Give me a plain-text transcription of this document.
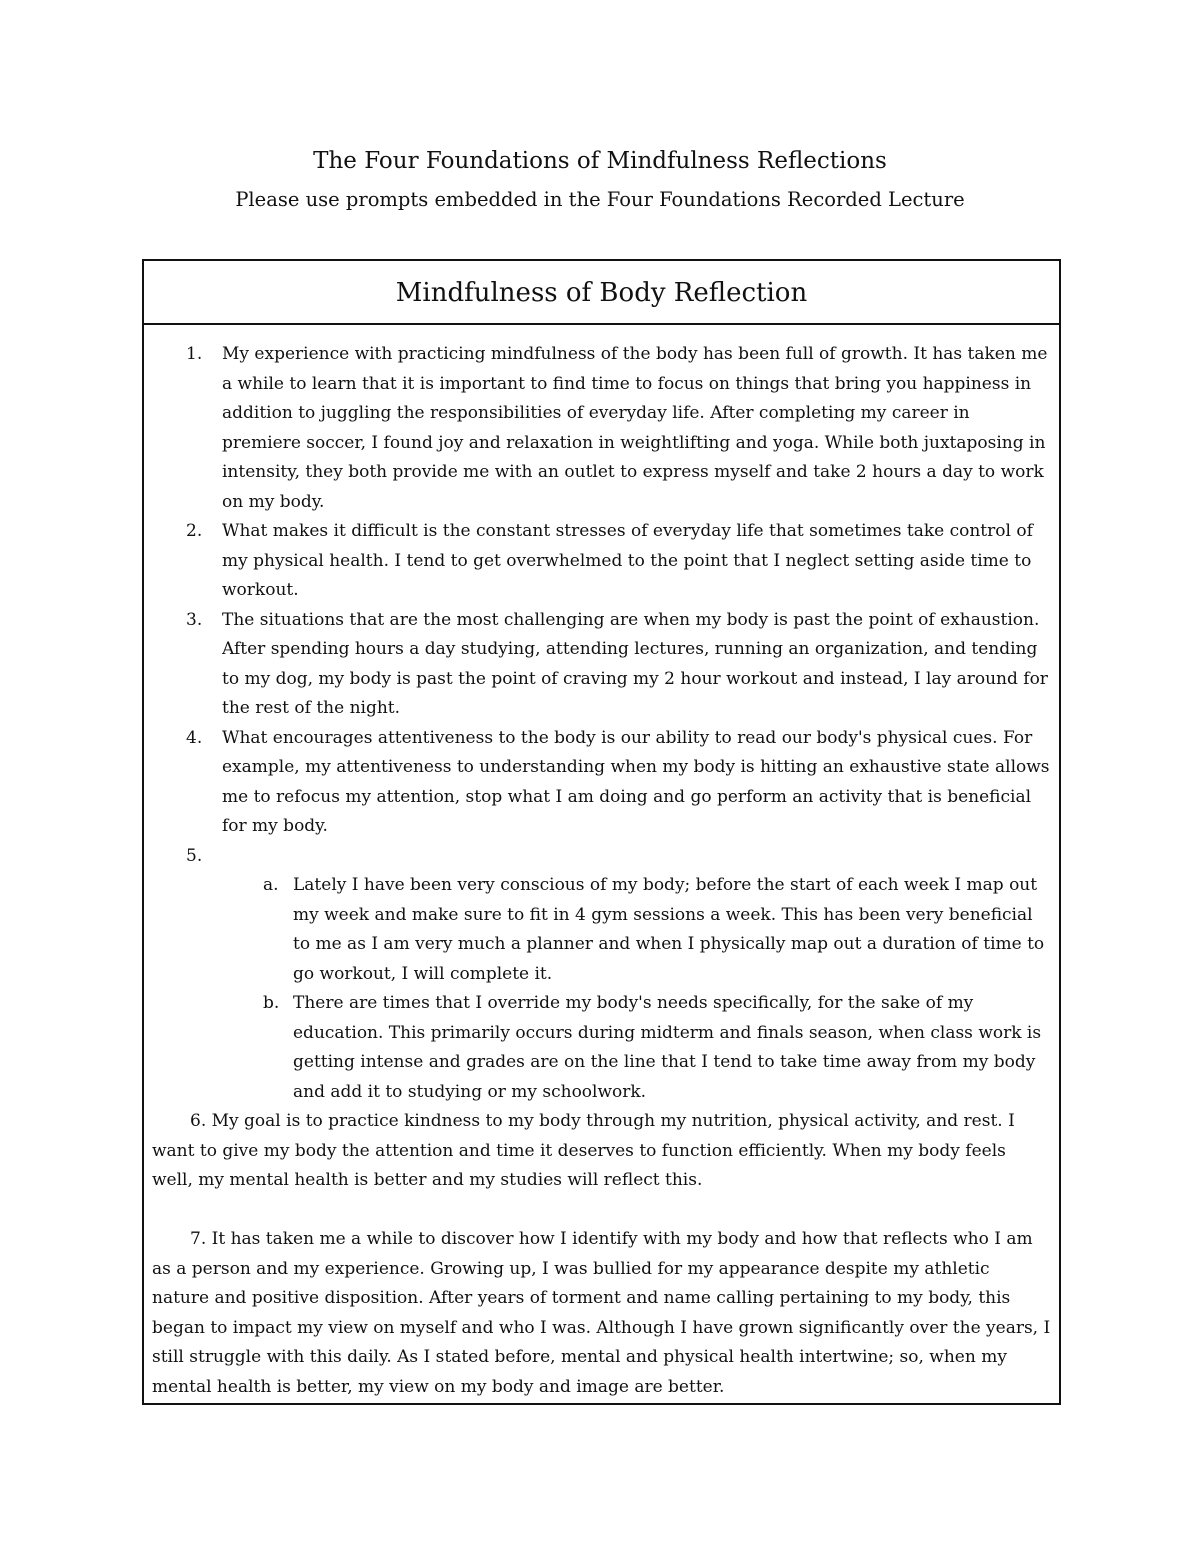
The Four Foundations of Mindfulness Reflections

Please use prompts embedded in the Four Foundations Recorded Lecture

Mindfulness of Body Reflection
1. My experience with practicing mindfulness of the body has been full of growth. It has taken me a while to learn that it is important to find time to focus on things that bring you happiness in addition to juggling the responsibilities of everyday life. After completing my career in premiere soccer, I found joy and relaxation in weightlifting and yoga. While both juxtaposing in intensity, they both provide me with an outlet to express myself and take 2 hours a day to work on my body.
2. What makes it difficult is the constant stresses of everyday life that sometimes take control of my physical health. I tend to get overwhelmed to the point that I neglect setting aside time to workout.
3. The situations that are the most challenging are when my body is past the point of exhaustion. After spending hours a day studying, attending lectures, running an organization, and tending to my dog, my body is past the point of craving my 2 hour workout and instead, I lay around for the rest of the night.
4. What encourages attentiveness to the body is our ability to read our body's physical cues. For example, my attentiveness to understanding when my body is hitting an exhaustive state allows me to refocus my attention, stop what I am doing and go perform an activity that is beneficial for my body.
5.

a. Lately I have been very conscious of my body; before the start of each week I map out my week and make sure to fit in 4 gym sessions a week. This has been very beneficial to me as I am very much a planner and when I physically map out a duration of time to go workout, I will complete it.
b. There are times that I override my body's needs specifically, for the sake of my education. This primarily occurs during midterm and finals season, when class work is getting intense and grades are on the line that I tend to take time away from my body and add it to studying or my schoolwork.

6. My goal is to practice kindness to my body through my nutrition, physical activity, and rest. I want to give my body the attention and time it deserves to function efficiently. When my body feels well, my mental health is better and my studies will reflect this.

7. It has taken me a while to discover how I identify with my body and how that reflects who I am as a person and my experience. Growing up, I was bullied for my appearance despite my athletic nature and positive disposition. After years of torment and name calling pertaining to my body, this began to impact my view on myself and who I was. Although I have grown significantly over the years, I still struggle with this daily. As I stated before, mental and physical health intertwine; so, when my mental health is better, my view on my body and image are better.
